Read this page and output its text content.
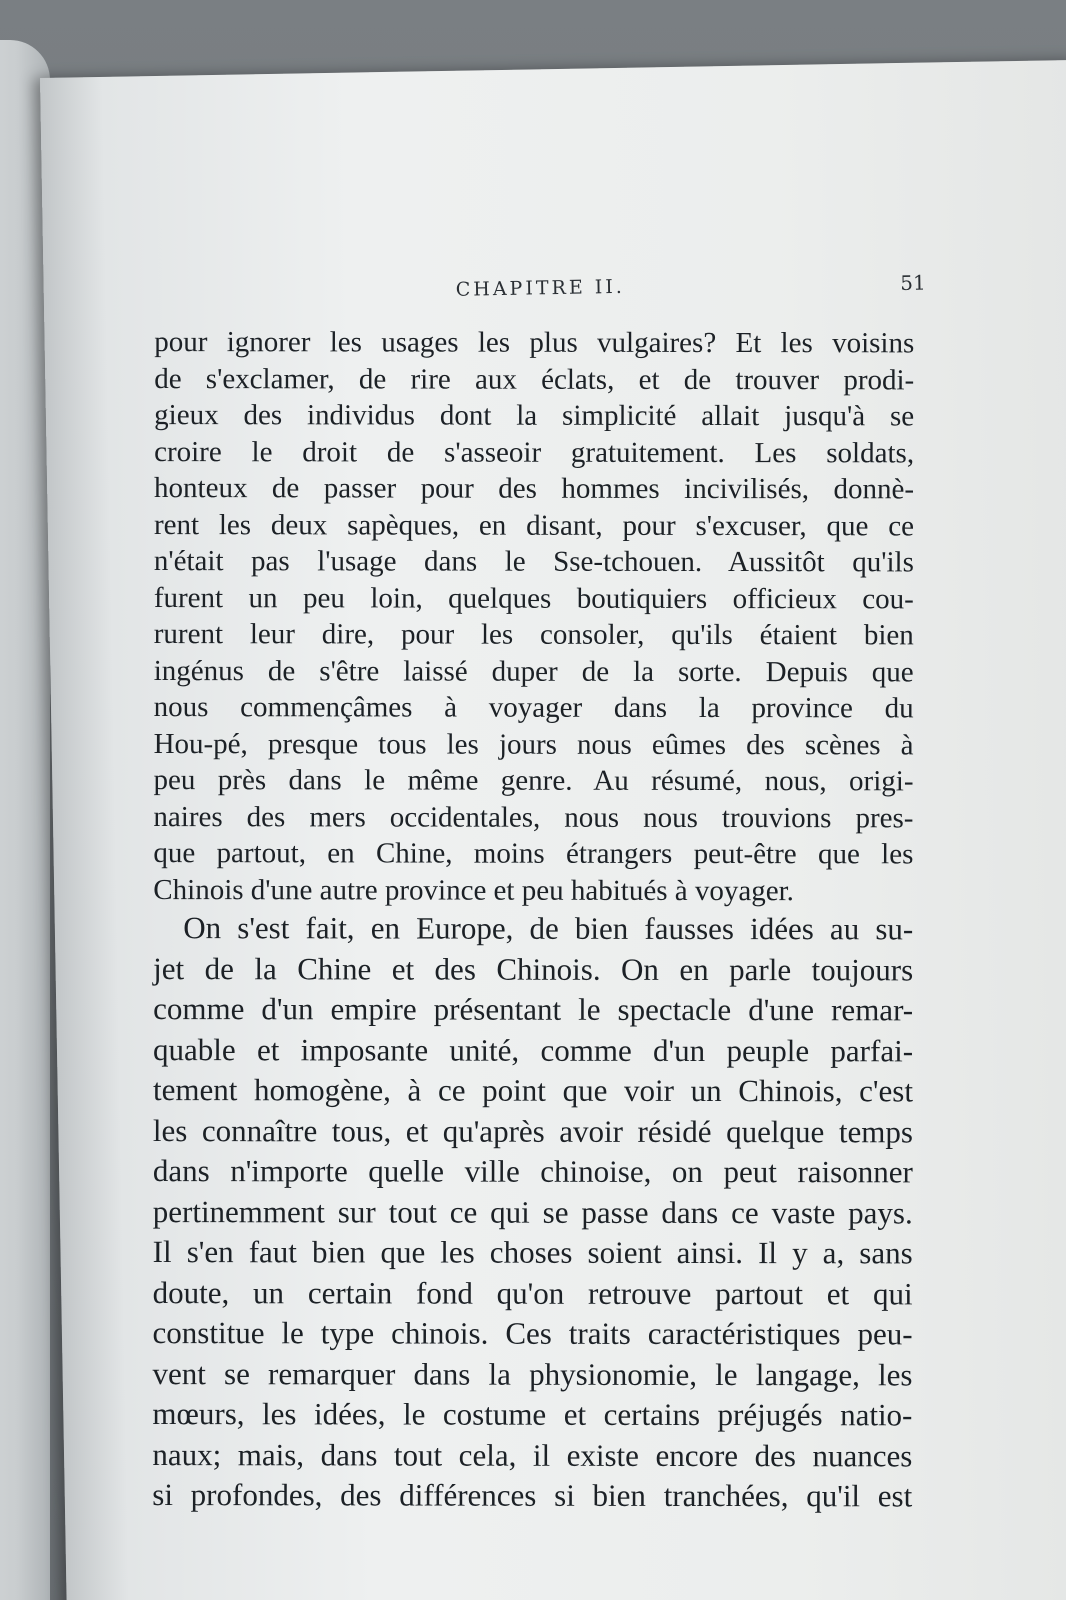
CHAPITRE II.	51
pour ignorer les usages les plus vulgaires? Et les voisins
de s'exclamer, de rire aux éclats, et de trouver prodi-
gieux des individus dont la simplicité allait jusqu'à se
croire le droit de s'asseoir gratuitement. Les soldats,
honteux de passer pour des hommes incivilisés, donnè-
rent les deux sapèques, en disant, pour s'excuser, que ce
n'était pas l'usage dans le Sse-tchouen. Aussitôt qu'ils
furent un peu loin, quelques boutiquiers officieux cou-
rurent leur dire, pour les consoler, qu'ils étaient bien
ingénus de s'être laissé duper de la sorte. Depuis que
nous commençâmes à voyager dans la province du
Hou-pé, presque tous les jours nous eûmes des scènes à
peu près dans le même genre. Au résumé, nous, origi-
naires des mers occidentales, nous nous trouvions pres-
que partout, en Chine, moins étrangers peut-être que les
Chinois d'une autre province et peu habitués à voyager.
On s'est fait, en Europe, de bien fausses idées au su-
jet de la Chine et des Chinois. On en parle toujours
comme d'un empire présentant le spectacle d'une remar-
quable et imposante unité, comme d'un peuple parfai-
tement homogène, à ce point que voir un Chinois, c'est
les connaître tous, et qu'après avoir résidé quelque temps
dans n'importe quelle ville chinoise, on peut raisonner
pertinemment sur tout ce qui se passe dans ce vaste pays.
Il s'en faut bien que les choses soient ainsi. Il y a, sans
doute, un certain fond qu'on retrouve partout et qui
constitue le type chinois. Ces traits caractéristiques peu-
vent se remarquer dans la physionomie, le langage, les
mœurs, les idées, le costume et certains préjugés natio-
naux; mais, dans tout cela, il existe encore des nuances
si profondes, des différences si bien tranchées, qu'il est
